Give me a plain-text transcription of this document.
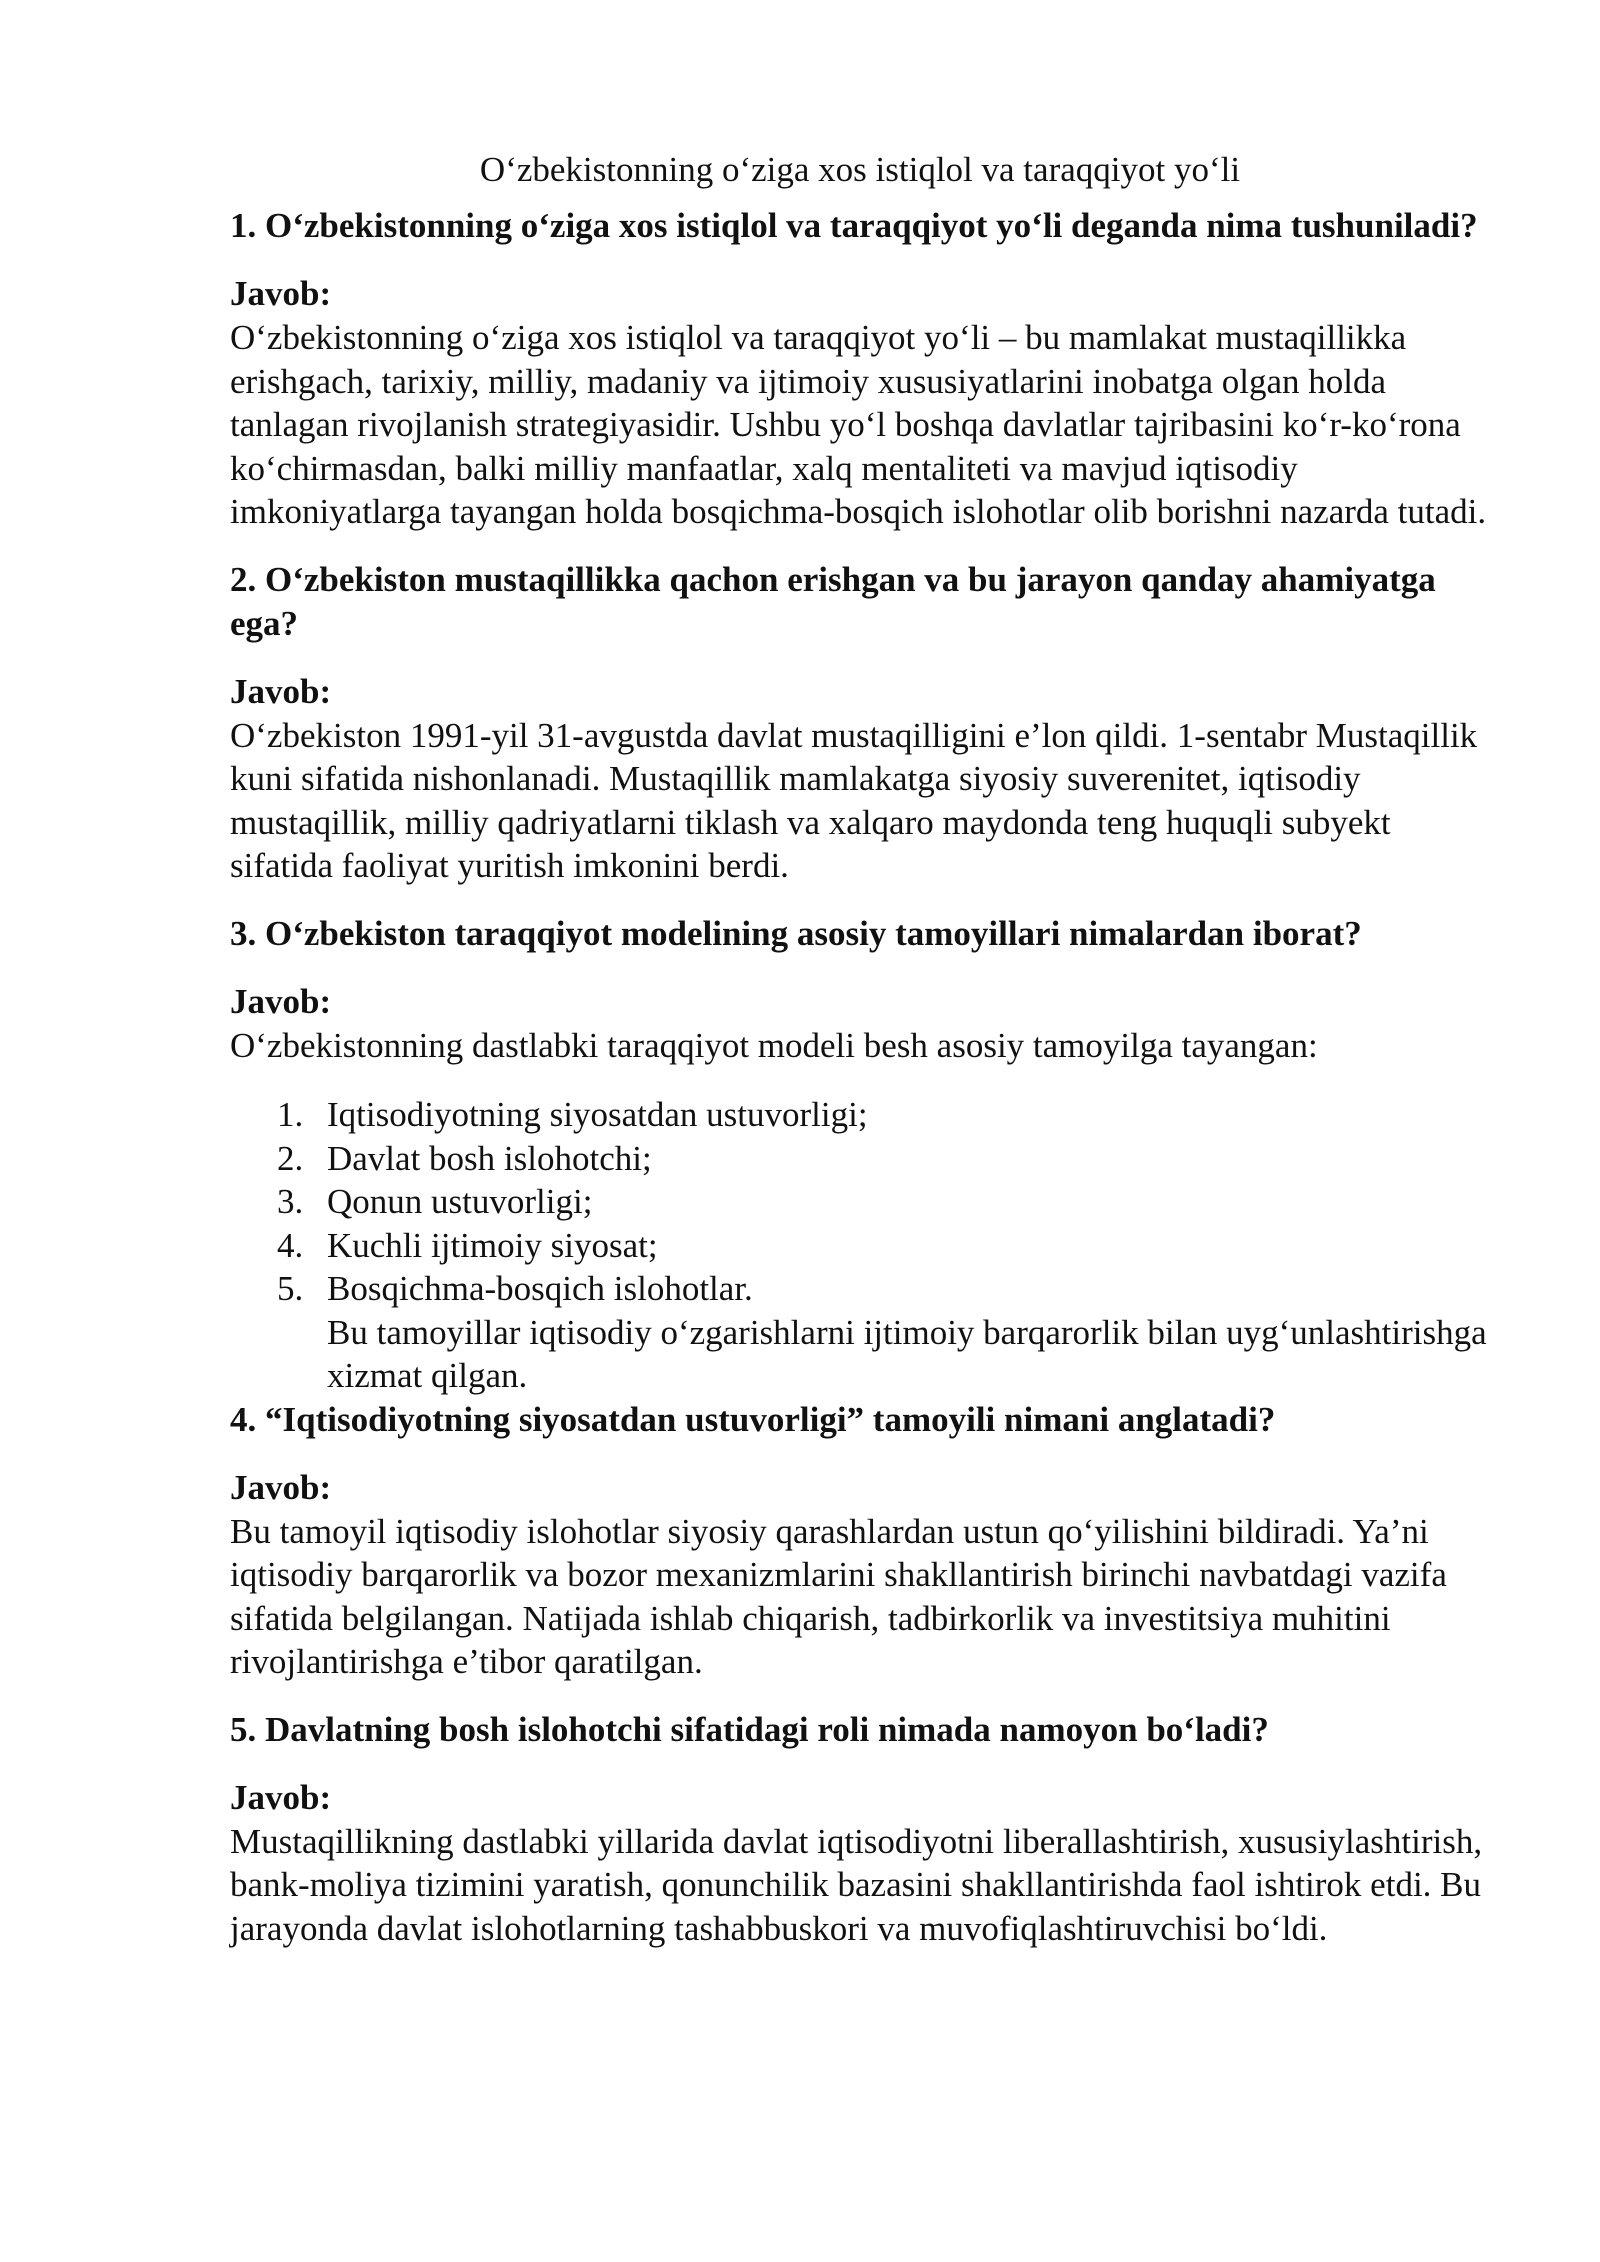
Oʻzbekistonning oʻziga xos istiqlol va taraqqiyot yoʻli

1. Oʻzbekistonning oʻziga xos istiqlol va taraqqiyot yoʻli deganda nima tushuniladi?

Javob:

Oʻzbekistonning oʻziga xos istiqlol va taraqqiyot yoʻli – bu mamlakat mustaqillikka erishgach, tarixiy, milliy, madaniy va ijtimoiy xususiyatlarini inobatga olgan holda tanlagan rivojlanish strategiyasidir. Ushbu yoʻl boshqa davlatlar tajribasini koʻr-koʻrona koʻchirmasdan, balki milliy manfaatlar, xalq mentaliteti va mavjud iqtisodiy imkoniyatlarga tayangan holda bosqichma-bosqich islohotlar olib borishni nazarda tutadi.

2. Oʻzbekiston mustaqillikka qachon erishgan va bu jarayon qanday ahamiyatga ega?

Javob:

Oʻzbekiston 1991-yil 31-avgustda davlat mustaqilligini e’lon qildi. 1-sentabr Mustaqillik kuni sifatida nishonlanadi. Mustaqillik mamlakatga siyosiy suverenitet, iqtisodiy mustaqillik, milliy qadriyatlarni tiklash va xalqaro maydonda teng huquqli subyekt sifatida faoliyat yuritish imkonini berdi.

3. Oʻzbekiston taraqqiyot modelining asosiy tamoyillari nimalardan iborat?

Javob:

Oʻzbekistonning dastlabki taraqqiyot modeli besh asosiy tamoyilga tayangan:

1. Iqtisodiyotning siyosatdan ustuvorligi;
2. Davlat bosh islohotchi;
3. Qonun ustuvorligi;
4. Kuchli ijtimoiy siyosat;
5. Bosqichma-bosqich islohotlar.

Bu tamoyillar iqtisodiy oʻzgarishlarni ijtimoiy barqarorlik bilan uygʻunlashtirishga xizmat qilgan.

4. “Iqtisodiyotning siyosatdan ustuvorligi” tamoyili nimani anglatadi?

Javob:

Bu tamoyil iqtisodiy islohotlar siyosiy qarashlardan ustun qoʻyilishini bildiradi. Ya’ni iqtisodiy barqarorlik va bozor mexanizmlarini shakllantirish birinchi navbatdagi vazifa sifatida belgilangan. Natijada ishlab chiqarish, tadbirkorlik va investitsiya muhitini rivojlantirishga e’tibor qaratilgan.

5. Davlatning bosh islohotchi sifatidagi roli nimada namoyon boʻladi?

Javob:

Mustaqillikning dastlabki yillarida davlat iqtisodiyotni liberallashtirish, xususiylashtirish, bank-moliya tizimini yaratish, qonunchilik bazasini shakllantirishda faol ishtirok etdi. Bu jarayonda davlat islohotlarning tashabbuskori va muvofiqlashtiruvchisi boʻldi.
